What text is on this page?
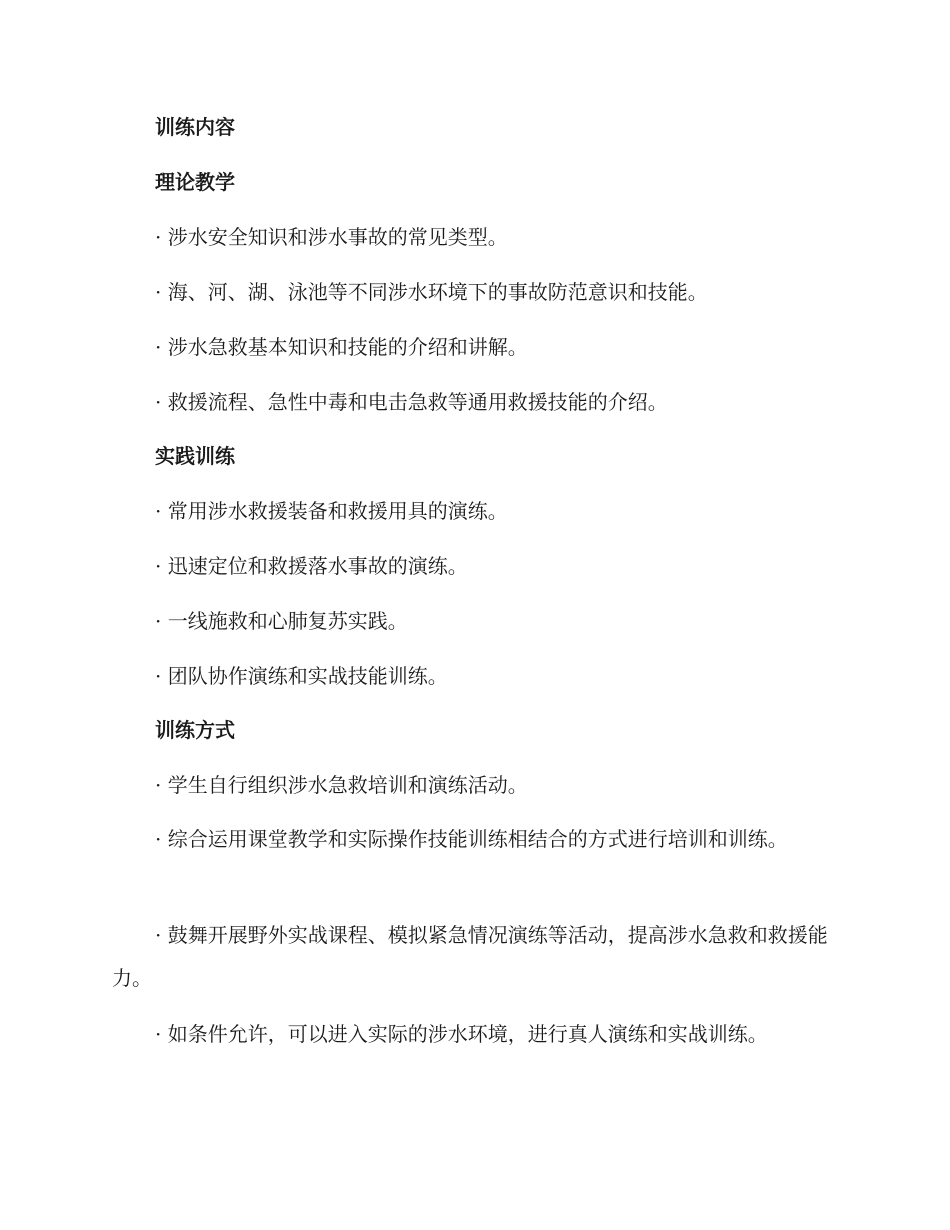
训练内容
理论教学
· 涉水安全知识和涉水事故的常见类型。
· 海、河、湖、泳池等不同涉水环境下的事故防范意识和技能。
· 涉水急救基本知识和技能的介绍和讲解。
· 救援流程、急性中毒和电击急救等通用救援技能的介绍。
实践训练
· 常用涉水救援装备和救援用具的演练。
· 迅速定位和救援落水事故的演练。
· 一线施救和心肺复苏实践。
· 团队协作演练和实战技能训练。
训练方式
· 学生自行组织涉水急救培训和演练活动。
· 综合运用课堂教学和实际操作技能训练相结合的方式进行培训和训练。
· 鼓舞开展野外实战课程、模拟紧急情况演练等活动，提高涉水急救和救援能力。
· 如条件允许，可以进入实际的涉水环境，进行真人演练和实战训练。
